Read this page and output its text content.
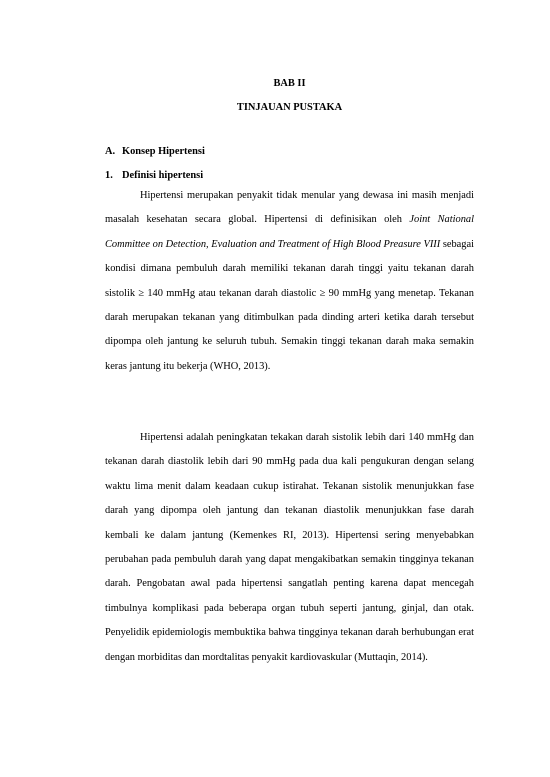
BAB II

TINJAUAN PUSTAKA

A. Konsep Hipertensi

1. Definisi hipertensi

Hipertensi merupakan penyakit tidak menular yang dewasa ini masih menjadi masalah kesehatan secara global. Hipertensi di definisikan oleh Joint National Committee on Detection, Evaluation and Treatment of High Blood Preasure VIII sebagai kondisi dimana pembuluh darah memiliki tekanan darah tinggi yaitu tekanan darah sistolik ≥ 140 mmHg atau tekanan darah diastolic ≥ 90 mmHg yang menetap. Tekanan darah merupakan tekanan yang ditimbulkan pada dinding arteri ketika darah tersebut dipompa oleh jantung ke seluruh tubuh. Semakin tinggi tekanan darah maka semakin keras jantung itu bekerja (WHO, 2013).

Hipertensi adalah peningkatan tekakan darah sistolik lebih dari 140 mmHg dan tekanan darah diastolik lebih dari 90 mmHg pada dua kali pengukuran dengan selang waktu lima menit dalam keadaan cukup istirahat. Tekanan sistolik menunjukkan fase darah yang dipompa oleh jantung dan tekanan diastolik menunjukkan fase darah kembali ke dalam jantung (Kemenkes RI, 2013). Hipertensi sering menyebabkan perubahan pada pembuluh darah yang dapat mengakibatkan semakin tingginya tekanan darah. Pengobatan awal pada hipertensi sangatlah penting karena dapat mencegah timbulnya komplikasi pada beberapa organ tubuh seperti jantung, ginjal, dan otak. Penyelidik epidemiologis membuktika bahwa tingginya tekanan darah berhubungan erat dengan morbiditas dan mordtalitas penyakit kardiovaskular (Muttaqin, 2014).
